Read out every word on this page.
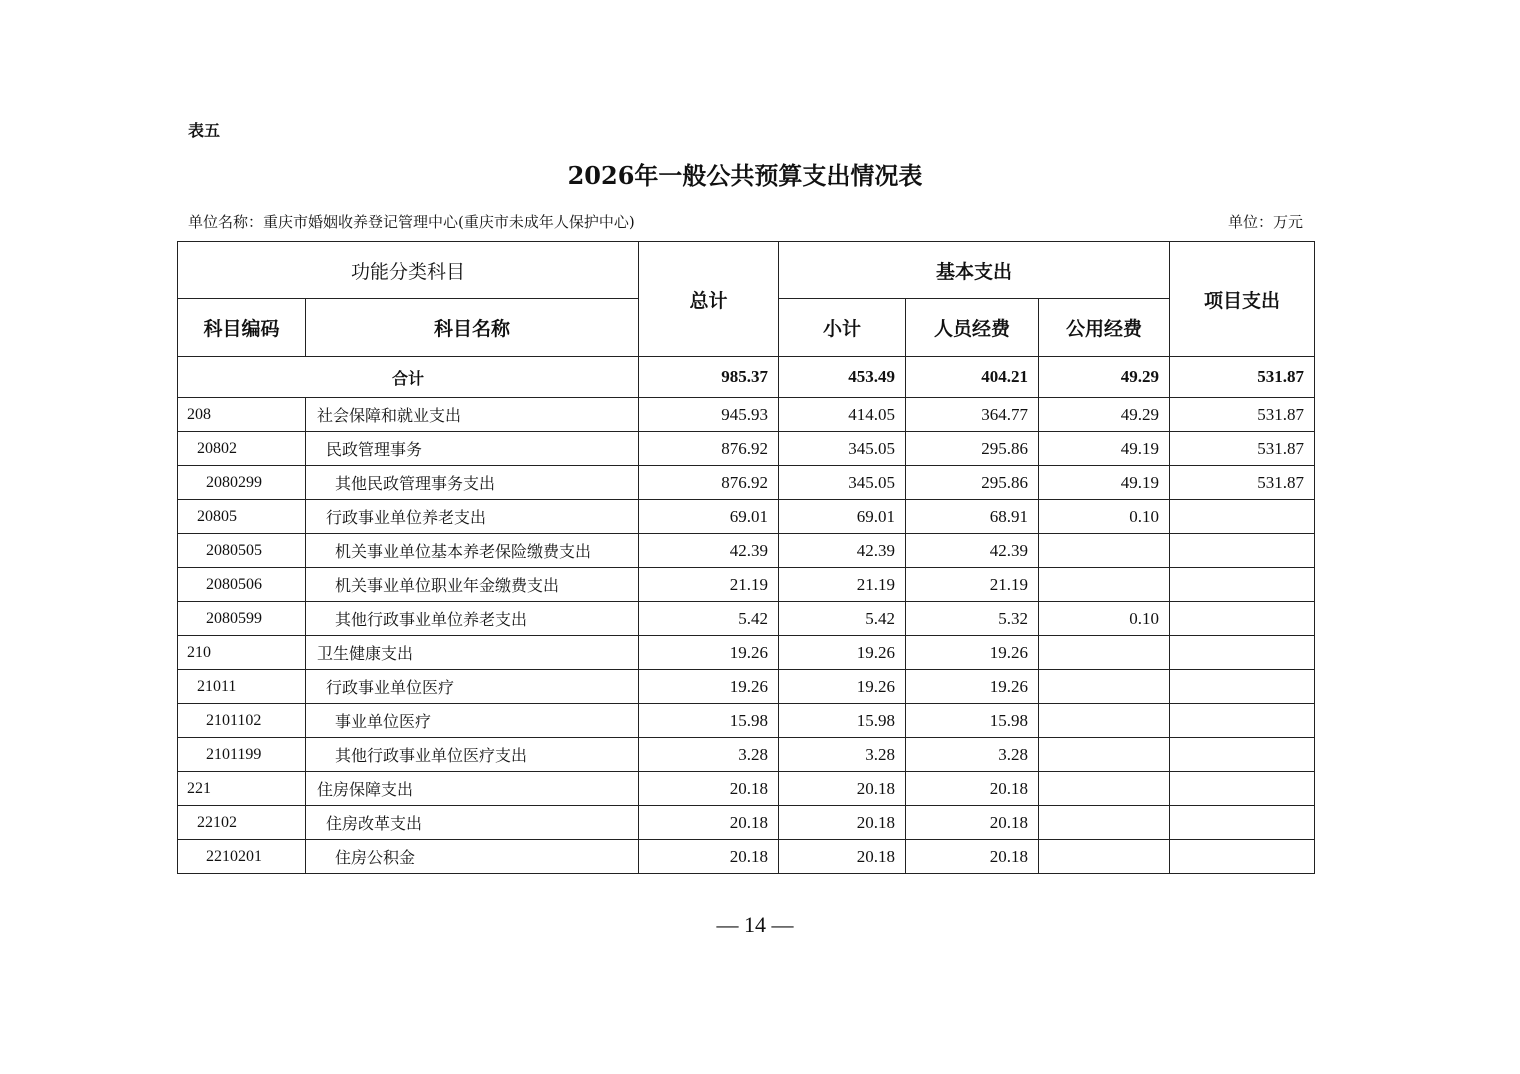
表五
2026年一般公共预算支出情况表
单位名称：重庆市婚姻收养登记管理中心(重庆市未成年人保护中心)	单位：万元
功能分类科目		总计	基本支出			项目支出
科目编码	科目名称		小计	人员经费	公用经费	
合计		985.37	453.49	404.21	49.29	531.87
208	社会保障和就业支出	945.93	414.05	364.77	49.29	531.87
20802	民政管理事务	876.92	345.05	295.86	49.19	531.87
2080299	其他民政管理事务支出	876.92	345.05	295.86	49.19	531.87
20805	行政事业单位养老支出	69.01	69.01	68.91	0.10	
2080505	机关事业单位基本养老保险缴费支出	42.39	42.39	42.39		
2080506	机关事业单位职业年金缴费支出	21.19	21.19	21.19		
2080599	其他行政事业单位养老支出	5.42	5.42	5.32	0.10	
210	卫生健康支出	19.26	19.26	19.26		
21011	行政事业单位医疗	19.26	19.26	19.26		
2101102	事业单位医疗	15.98	15.98	15.98		
2101199	其他行政事业单位医疗支出	3.28	3.28	3.28		
221	住房保障支出	20.18	20.18	20.18		
22102	住房改革支出	20.18	20.18	20.18		
2210201	住房公积金	20.18	20.18	20.18		
— 14 —
